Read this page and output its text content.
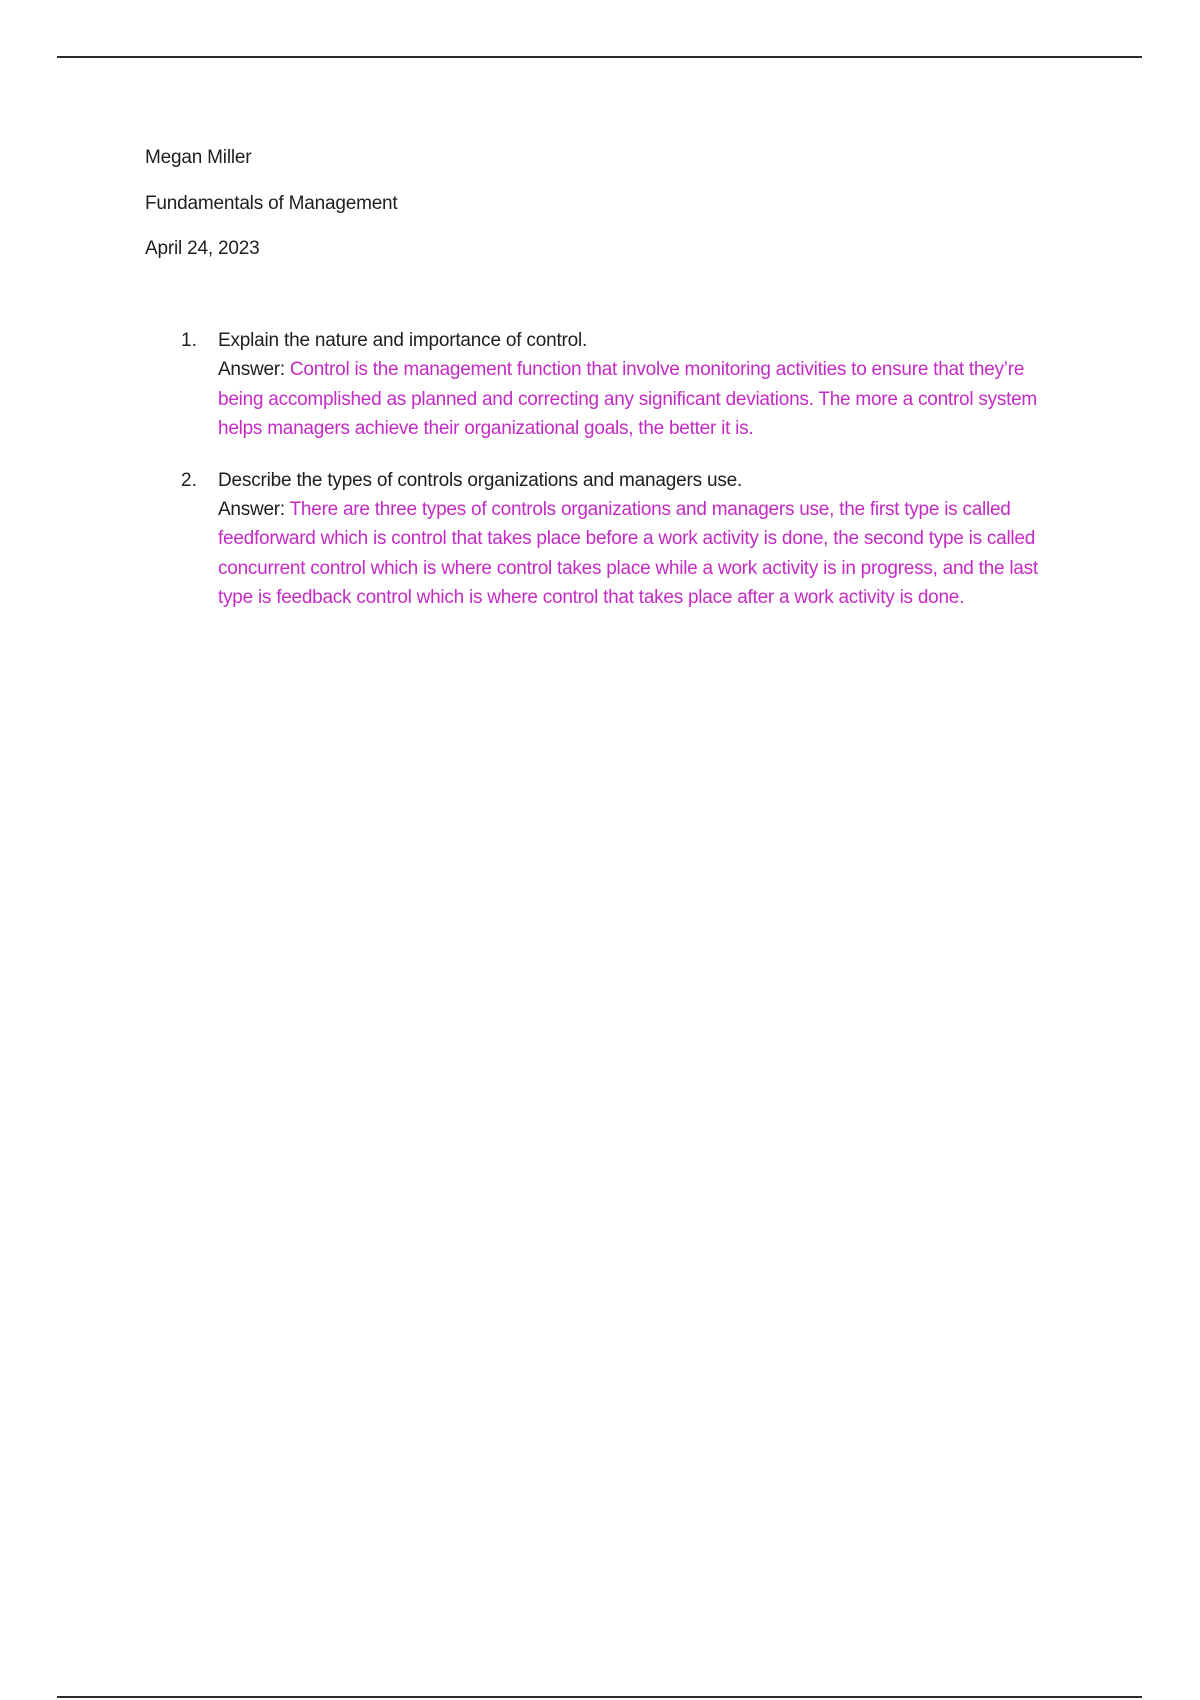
Megan Miller
Fundamentals of Management
April 24, 2023
1. Explain the nature and importance of control.
Answer: Control is the management function that involve monitoring activities to ensure that they’re being accomplished as planned and correcting any significant deviations. The more a control system helps managers achieve their organizational goals, the better it is.
2. Describe the types of controls organizations and managers use.
Answer: There are three types of controls organizations and managers use, the first type is called feedforward which is control that takes place before a work activity is done, the second type is called concurrent control which is where control takes place while a work activity is in progress, and the last type is feedback control which is where control that takes place after a work activity is done.
